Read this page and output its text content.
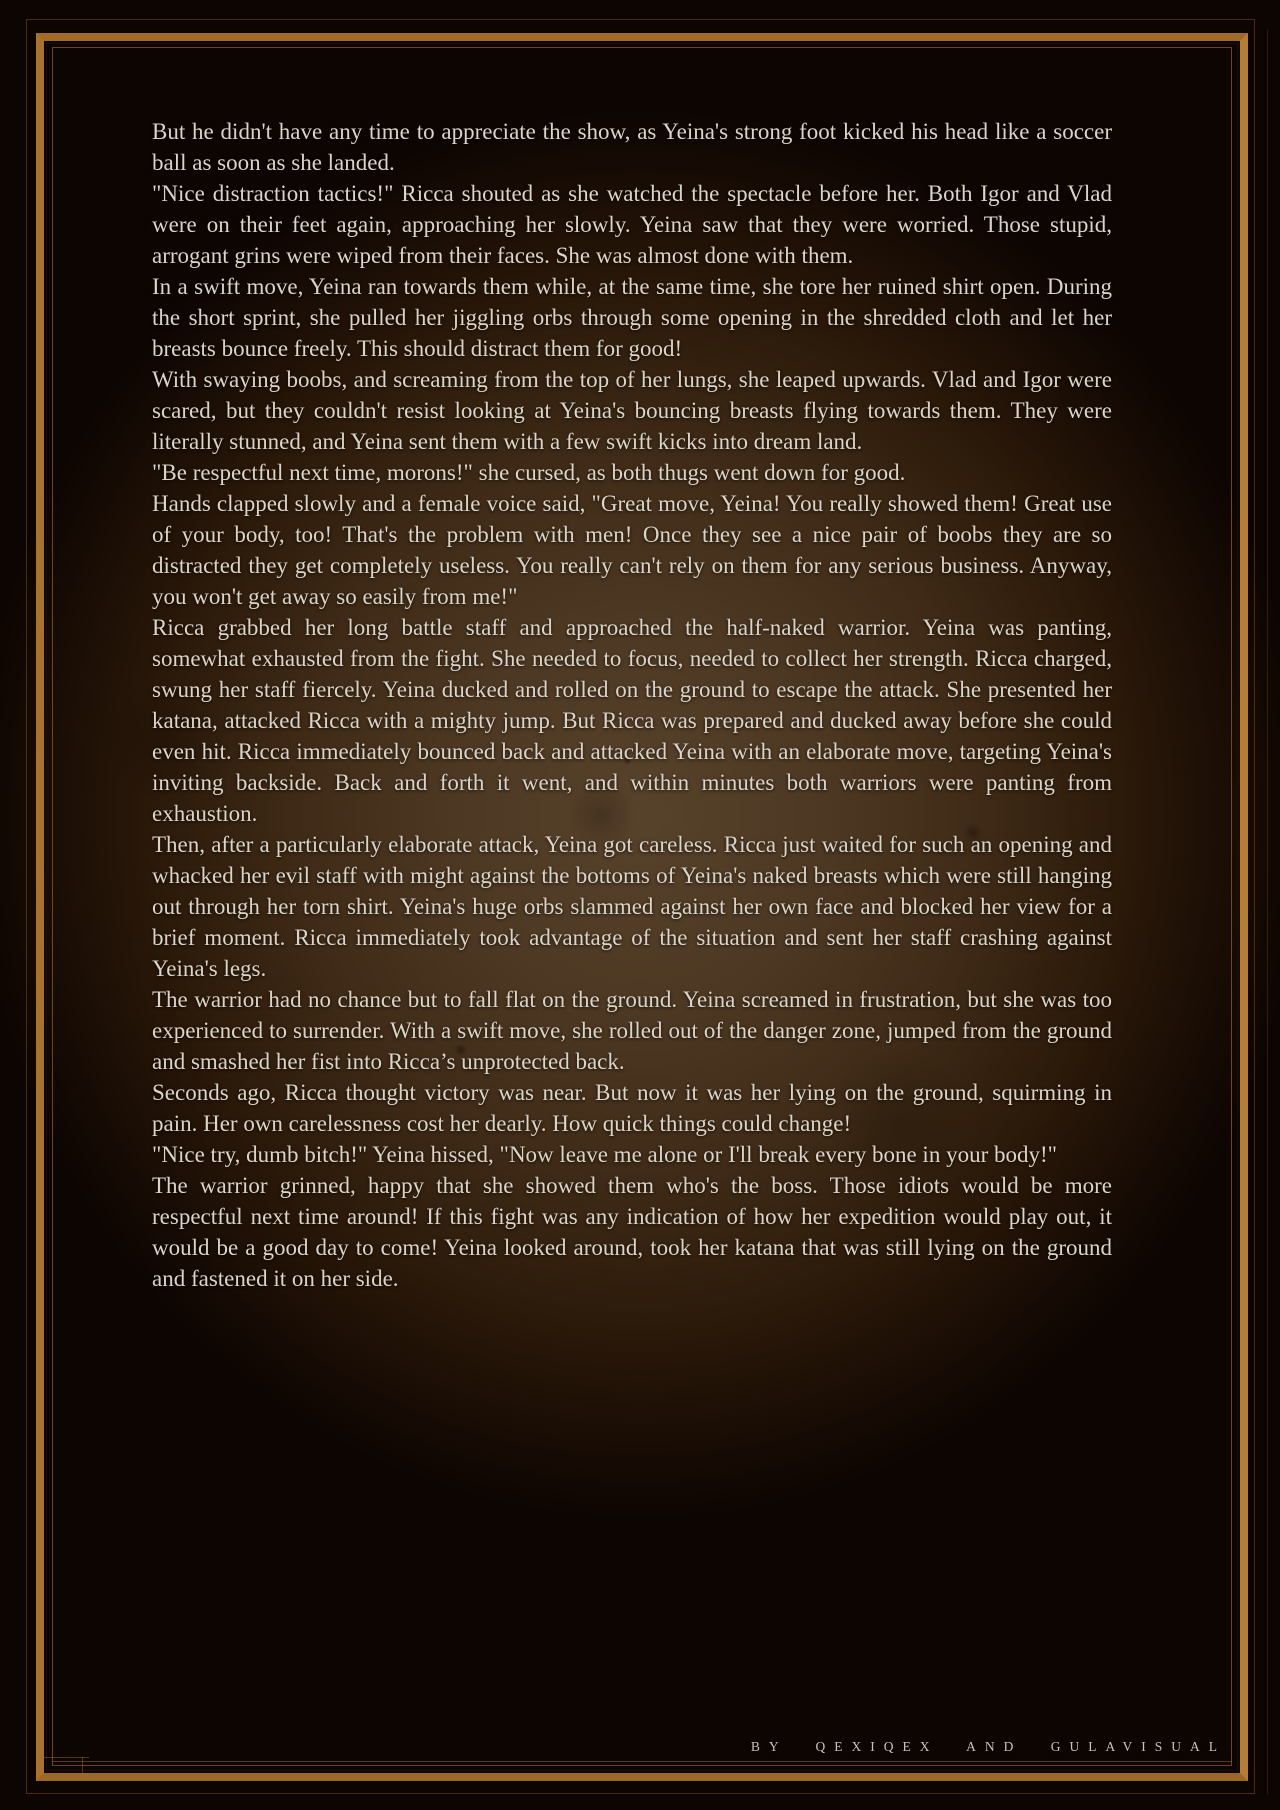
But he didn't have any time to appreciate the show, as Yeina's strong foot kicked his head like a soccer ball as soon as she landed.

"Nice distraction tactics!" Ricca shouted as she watched the spectacle before her. Both Igor and Vlad were on their feet again, approaching her slowly. Yeina saw that they were worried. Those stupid, arrogant grins were wiped from their faces. She was almost done with them.

In a swift move, Yeina ran towards them while, at the same time, she tore her ruined shirt open. During the short sprint, she pulled her jiggling orbs through some opening in the shredded cloth and let her breasts bounce freely. This should distract them for good!

With swaying boobs, and screaming from the top of her lungs, she leaped upwards. Vlad and Igor were scared, but they couldn't resist looking at Yeina's bouncing breasts flying towards them. They were literally stunned, and Yeina sent them with a few swift kicks into dream land.

"Be respectful next time, morons!" she cursed, as both thugs went down for good.

Hands clapped slowly and a female voice said, "Great move, Yeina! You really showed them! Great use of your body, too! That's the problem with men! Once they see a nice pair of boobs they are so distracted they get completely useless. You really can't rely on them for any serious business. Anyway, you won't get away so easily from me!"

Ricca grabbed her long battle staff and approached the half-naked warrior. Yeina was panting, somewhat exhausted from the fight. She needed to focus, needed to collect her strength. Ricca charged, swung her staff fiercely. Yeina ducked and rolled on the ground to escape the attack. She presented her katana, attacked Ricca with a mighty jump. But Ricca was prepared and ducked away before she could even hit. Ricca immediately bounced back and attacked Yeina with an elaborate move, targeting Yeina's inviting backside. Back and forth it went, and within minutes both warriors were panting from exhaustion.

Then, after a particularly elaborate attack, Yeina got careless. Ricca just waited for such an opening and whacked her evil staff with might against the bottoms of Yeina's naked breasts which were still hanging out through her torn shirt. Yeina's huge orbs slammed against her own face and blocked her view for a brief moment. Ricca immediately took advantage of the situation and sent her staff crashing against Yeina's legs.

The warrior had no chance but to fall flat on the ground. Yeina screamed in frustration, but she was too experienced to surrender. With a swift move, she rolled out of the danger zone, jumped from the ground and smashed her fist into Ricca’s unprotected back.

Seconds ago, Ricca thought victory was near. But now it was her lying on the ground, squirming in pain. Her own carelessness cost her dearly. How quick things could change!

"Nice try, dumb bitch!" Yeina hissed, "Now leave me alone or I'll break every bone in your body!"

The warrior grinned, happy that she showed them who's the boss. Those idiots would be more respectful next time around! If this fight was any indication of how her expedition would play out, it would be a good day to come! Yeina looked around, took her katana that was still lying on the ground and fastened it on her side.

BY QEXIQEX AND GULAVISUAL
